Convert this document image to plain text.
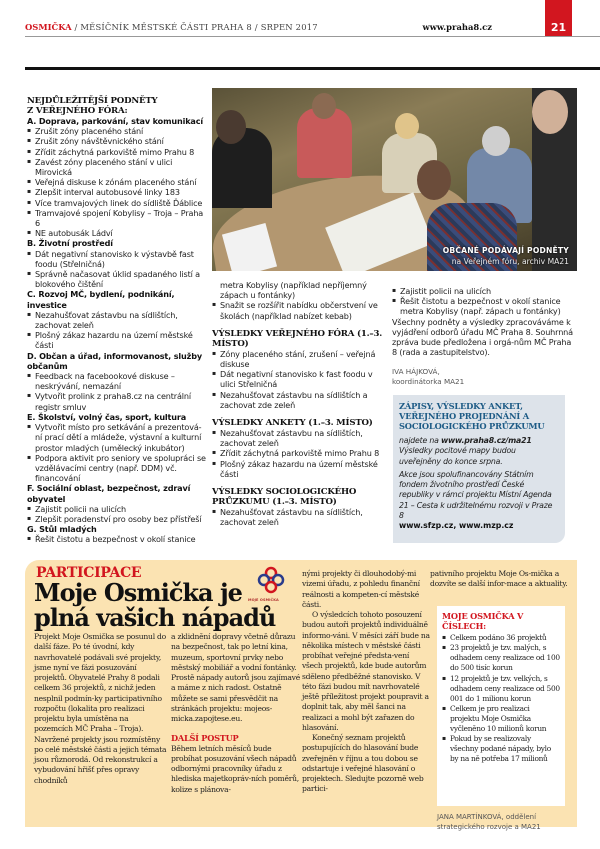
OSMIČKA / MĚSÍČNÍK MĚSTSKÉ ČÁSTI PRAHA 8 / SRPEN 2017	www.praha8.cz	21
NEJDŮLEŽITĚJŠÍ PODNĚTY
Z VEŘEJNÉHO FÓRA:
A. Doprava, parkování, stav komunikací
▪ Zrušit zóny placeného stání
▪ Zrušit zóny návštěvnického stání
▪ Zřídit záchytná parkoviště mimo Prahu 8
▪ Zavést zóny placeného stání v ulici Mirovická
▪ Veřejná diskuse k zónám placeného stání
▪ Zlepšit interval autobusové linky 183
▪ Více tramvajových linek do sídliště Ďáblice
▪ Tramvajové spojení Kobylisy – Troja – Praha 6
▪ NE autobusák Ládví
B. Životní prostředí
▪ Dát negativní stanovisko k výstavbě fast foodu (Střelničná)
▪ Správně načasovat úklid spadaného listí a blokového čištění
C. Rozvoj MČ, bydlení, podnikání, investice
▪ Nezahušťovat zástavbu na sídlištích, zachovat zeleň
▪ Plošný zákaz hazardu na území městské části
D. Občan a úřad, informovanost, služby občanům
▪ Feedback na facebookové diskuse – neskrývání, nemazání
▪ Vytvořit prolink z praha8.cz na centrální registr smluv
E. Školství, volný čas, sport, kultura
▪ Vytvořit místo pro setkávání a prezentová-ní prací dětí a mládeže, výstavní a kulturní prostor mladých (umělecký inkubátor)
▪ Podpora aktivit pro seniory ve spolupráci se vzdělávacími centry (např. DDM) vč. financování
F. Sociální oblast, bezpečnost, zdraví obyvatel
▪ Zajistit policii na ulicích
▪ Zlepšit poradenství pro osoby bez přístřeší
G. Stůl mladých
▪ Řešit čistotu a bezpečnost v okolí stanice
OBČANÉ PODÁVAJÍ PODNĚTY
na Veřejném fóru, archiv MA21
metra Kobylisy (například nepříjemný zápach u fontánky)
▪ Snažit se rozšířit nabídku občerstvení ve školách (například nabízet kebab)
VÝSLEDKY VEŘEJNÉHO FÓRA (1.–3. MÍSTO)
▪ Zóny placeného stání, zrušení – veřejná diskuse
▪ Dát negativní stanovisko k fast foodu v ulici Střelničná
▪ Nezahušťovat zástavbu na sídlištích a zachovat zde zeleň
VÝSLEDKY ANKETY (1.–3. MÍSTO)
▪ Nezahušťovat zástavbu na sídlištích, zachovat zeleň
▪ Zřídit záchytná parkoviště mimo Prahu 8
▪ Plošný zákaz hazardu na území městské části
VÝSLEDKY SOCIOLOGICKÉHO PRŮZKUMU (1.–3. MÍSTO)
▪ Nezahušťovat zástavbu na sídlištích, zachovat zeleň
▪ Zajistit policii na ulicích
▪ Řešit čistotu a bezpečnost v okolí stanice metra Kobylisy (např. zápach u fontánky)
Všechny podněty a výsledky zpracováváme k vyjádření odborů úřadu MČ Praha 8. Souhrnná zpráva bude předložena i orgá-nům MČ Praha 8 (rada a zastupitelstvo).
IVA HÁJKOVÁ,
koordinátorka MA21
ZÁPISY, VÝSLEDKY ANKET, VEŘEJNÉHO PROJEDNÁNÍ A SOCIOLOGICKÉHO PRŮZKUMU
najdete na www.praha8.cz/ma21
Výsledky pocitové mapy budou uveřejněny do konce srpna.
Akce jsou spolufinancovány Státním fondem životního prostředí České republiky v rámci projektu Místní Agenda 21 – Cesta k udržitelnému rozvoji v Praze 8
www.sfzp.cz, www.mzp.cz
PARTICIPACE
Moje Osmička je plná vašich nápadů
MOJE OSMIČKA
Projekt Moje Osmička se posunul do další fáze. Po té úvodní, kdy navrhovatelé podávali své projekty, jsme nyní ve fázi posuzování projektů. Obyvatelé Prahy 8 podali celkem 36 projektů, z nichž jeden nesplnil podmín-ky participativního rozpočtu (lokalita pro realizaci projektu byla umístěna na pozemcích MČ Praha – Troja). Navržené projekty jsou rozmístěny po celé městské části a jejich témata jsou různorodá. Od rekonstrukcí a vybudování hřišť přes opravy chodníků
a zklidnění dopravy včetně důrazu na bezpečnost, tak po letní kina, muzeum, sportovní prvky nebo městský mobiliář a vodní fontánky. Prostě nápady autorů jsou zajímavé a máme z nich radost. Ostatně můžete se sami přesvědčit na stránkách projektu: mojeos-micka.zapojtese.eu.
DALŠÍ POSTUP
Během letních měsíců bude probíhat posuzování všech nápadů odbornými pracovníky úřadu z hlediska majetkopráv-ních poměrů, kolize s plánova-
nými projekty či dlouhodobý-mi vizemi úřadu, z pohledu finanční reálnosti a kompeten-cí městské části.
O výsledcích tohoto posouzení budou autoři projektů individuálně informo-váni. V měsíci září bude na několika místech v městské části probíhat veřejné předsta-vení všech projektů, kde bude autorům sděleno předběžné stanovisko. V této fázi budou mít navrhovatelé ještě příležitost projekt poupravit a doplnit tak, aby měl šanci na realizaci a mohl být zařazen do hlasování.
Konečný seznam projektů postupujících do hlasování bude zveřejněn v říjnu a tou dobou se odstartuje i veřejné hlasování o projektech. Sledujte pozorně web partici-
pativního projektu Moje Os-mička a dozvíte se další infor-mace a aktuality.
MOJE OSMIČKA V ČÍSLECH:
▪ Celkem podáno 36 projektů
▪ 23 projektů je tzv. malých, s odhadem ceny realizace od 100 do 500 tisíc korun
▪ 12 projektů je tzv. velkých, s odhadem ceny realizace od 500 001 do 1 milionu korun
▪ Celkem je pro realizaci projektu Moje Osmička vyčleněno 10 milionů korun
▪ Pokud by se realizovaly všechny podané nápady, bylo by na ně potřeba 17 milionů
JANA MARTÍNKOVÁ, oddělení strategického rozvoje a MA21
